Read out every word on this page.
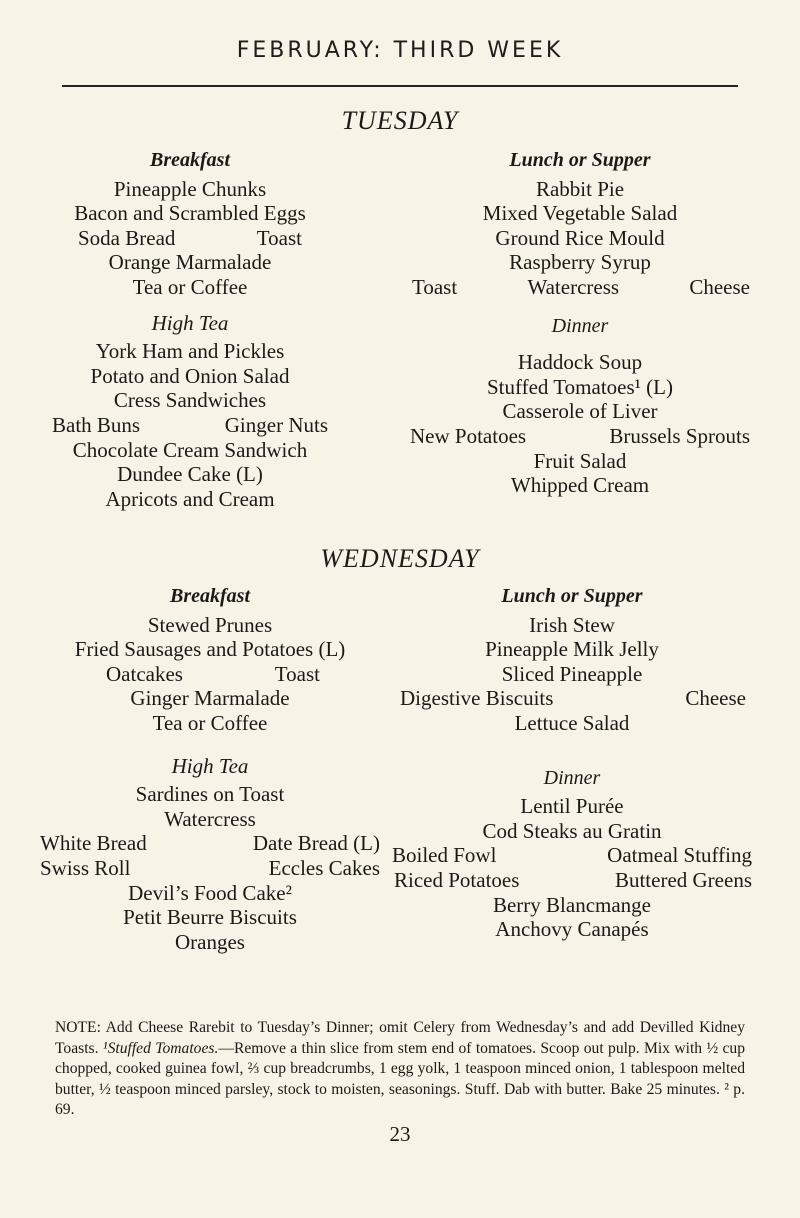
FEBRUARY: THIRD WEEK
TUESDAY
Breakfast
Pineapple Chunks
Bacon and Scrambled Eggs
Soda Bread	Toast
Orange Marmalade
Tea or Coffee
High Tea
York Ham and Pickles
Potato and Onion Salad
Cress Sandwiches
Bath Buns	Ginger Nuts
Chocolate Cream Sandwich
Dundee Cake (L)
Apricots and Cream
Lunch or Supper
Rabbit Pie
Mixed Vegetable Salad
Ground Rice Mould
Raspberry Syrup
Toast	Watercress	Cheese
Dinner
Haddock Soup
Stuffed Tomatoes¹ (L)
Casserole of Liver
New Potatoes	Brussels Sprouts
Fruit Salad
Whipped Cream
WEDNESDAY
Breakfast
Stewed Prunes
Fried Sausages and Potatoes (L)
Oatcakes	Toast
Ginger Marmalade
Tea or Coffee
High Tea
Sardines on Toast
Watercress
White Bread	Date Bread (L)
Swiss Roll	Eccles Cakes
Devil’s Food Cake²
Petit Beurre Biscuits
Oranges
Lunch or Supper
Irish Stew
Pineapple Milk Jelly
Sliced Pineapple
Digestive Biscuits	Cheese
Lettuce Salad
Dinner
Lentil Purée
Cod Steaks au Gratin
Boiled Fowl	Oatmeal Stuffing
Riced Potatoes	Buttered Greens
Berry Blancmange
Anchovy Canapés
NOTE: Add Cheese Rarebit to Tuesday’s Dinner; omit Celery from Wednesday’s and add Devilled Kidney Toasts. ¹Stuffed Tomatoes.—Remove a thin slice from stem end of tomatoes. Scoop out pulp. Mix with ½ cup chopped, cooked guinea fowl, ⅔ cup breadcrumbs, 1 egg yolk, 1 teaspoon minced onion, 1 tablespoon melted butter, ½ teaspoon minced parsley, stock to moisten, seasonings. Stuff. Dab with butter. Bake 25 minutes. ² p. 69.
23
